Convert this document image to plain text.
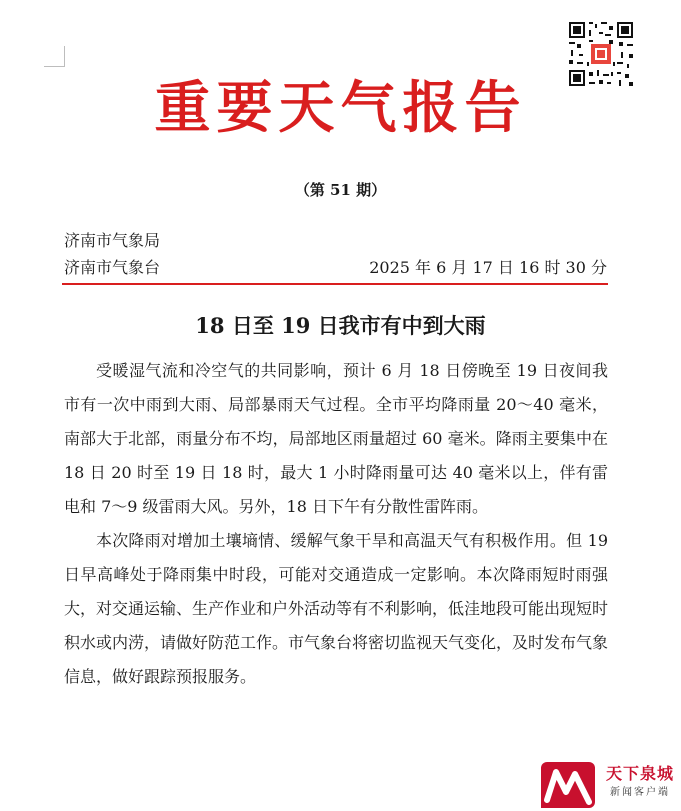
重要天气报告
（第 51 期）
济南市气象局
济南市气象台	2025 年 6 月 17 日 16 时 30 分
18 日至 19 日我市有中到大雨

受暖湿气流和冷空气的共同影响，预计 6 月 18 日傍晚至 19 日夜间我市有一次中雨到大雨、局部暴雨天气过程。全市平均降雨量 20～40 毫米，南部大于北部，雨量分布不均，局部地区雨量超过 60 毫米。降雨主要集中在 18 日 20 时至 19 日 18 时，最大 1 小时降雨量可达 40 毫米以上，伴有雷电和 7～9 级雷雨大风。另外，18 日下午有分散性雷阵雨。

本次降雨对增加土壤墒情、缓解气象干旱和高温天气有积极作用。但 19 日早高峰处于降雨集中时段，可能对交通造成一定影响。本次降雨短时雨强大，对交通运输、生产作业和户外活动等有不利影响，低洼地段可能出现短时积水或内涝，请做好防范工作。市气象台将密切监视天气变化，及时发布气象信息，做好跟踪预报服务。

天下泉城
新闻客户端
